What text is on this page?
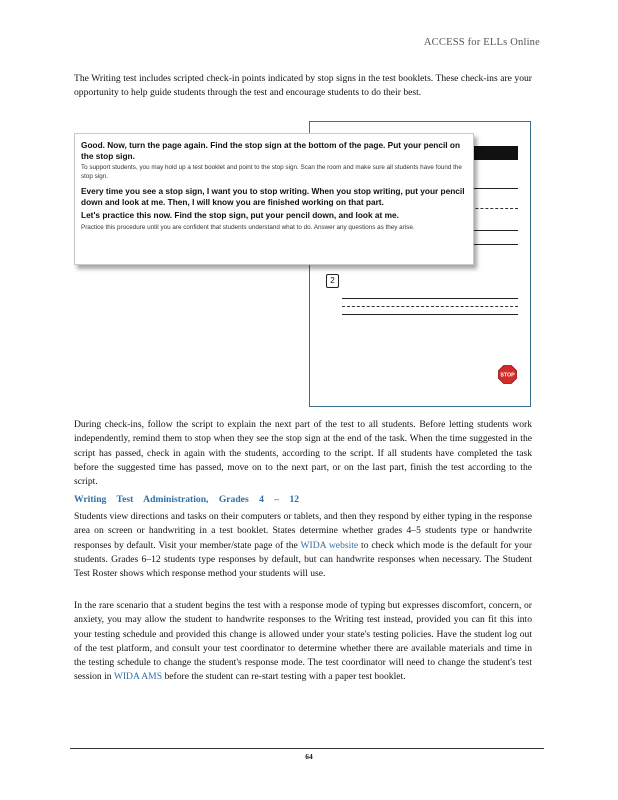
ACCESS for ELLs Online

The Writing test includes scripted check-in points indicated by stop signs in the test booklets. These check-ins are your opportunity to help guide students through the test and encourage students to do their best.

2
STOP

Good. Now, turn the page again. Find the stop sign at the bottom of the page. Put your pencil on the stop sign.

To support students, you may hold up a test booklet and point to the stop sign. Scan the room and make sure all students have found the stop sign.

Every time you see a stop sign, I want you to stop writing. When you stop writing, put your pencil down and look at me. Then, I will know you are finished working on that part.

Let's practice this now. Find the stop sign, put your pencil down, and look at me.

Practice this procedure until you are confident that students understand what to do. Answer any questions as they arise.

During check-ins, follow the script to explain the next part of the test to all students. Before letting students work independently, remind them to stop when they see the stop sign at the end of the task. When the time suggested in the script has passed, check in again with the students, according to the script. If all students have completed the task before the suggested time has passed, move on to the next part, or on the last part, finish the test according to the script.

Writing Test Administration, Grades 4 – 12

Students view directions and tasks on their computers or tablets, and then they respond by either typing in the response area on screen or handwriting in a test booklet. States determine whether grades 4–5 students type or handwrite responses by default. Visit your member/state page of the WIDA website to check which mode is the default for your students. Grades 6–12 students type responses by default, but can handwrite responses when necessary. The Student Test Roster shows which response method your students will use.

In the rare scenario that a student begins the test with a response mode of typing but expresses discomfort, concern, or anxiety, you may allow the student to handwrite responses to the Writing test instead, provided you can fit this into your testing schedule and provided this change is allowed under your state's testing policies. Have the student log out of the test platform, and consult your test coordinator to determine whether there are available materials and time in the testing schedule to change the student's response mode. The test coordinator will need to change the student's test session in WIDA AMS before the student can re-start testing with a paper test booklet.

64
